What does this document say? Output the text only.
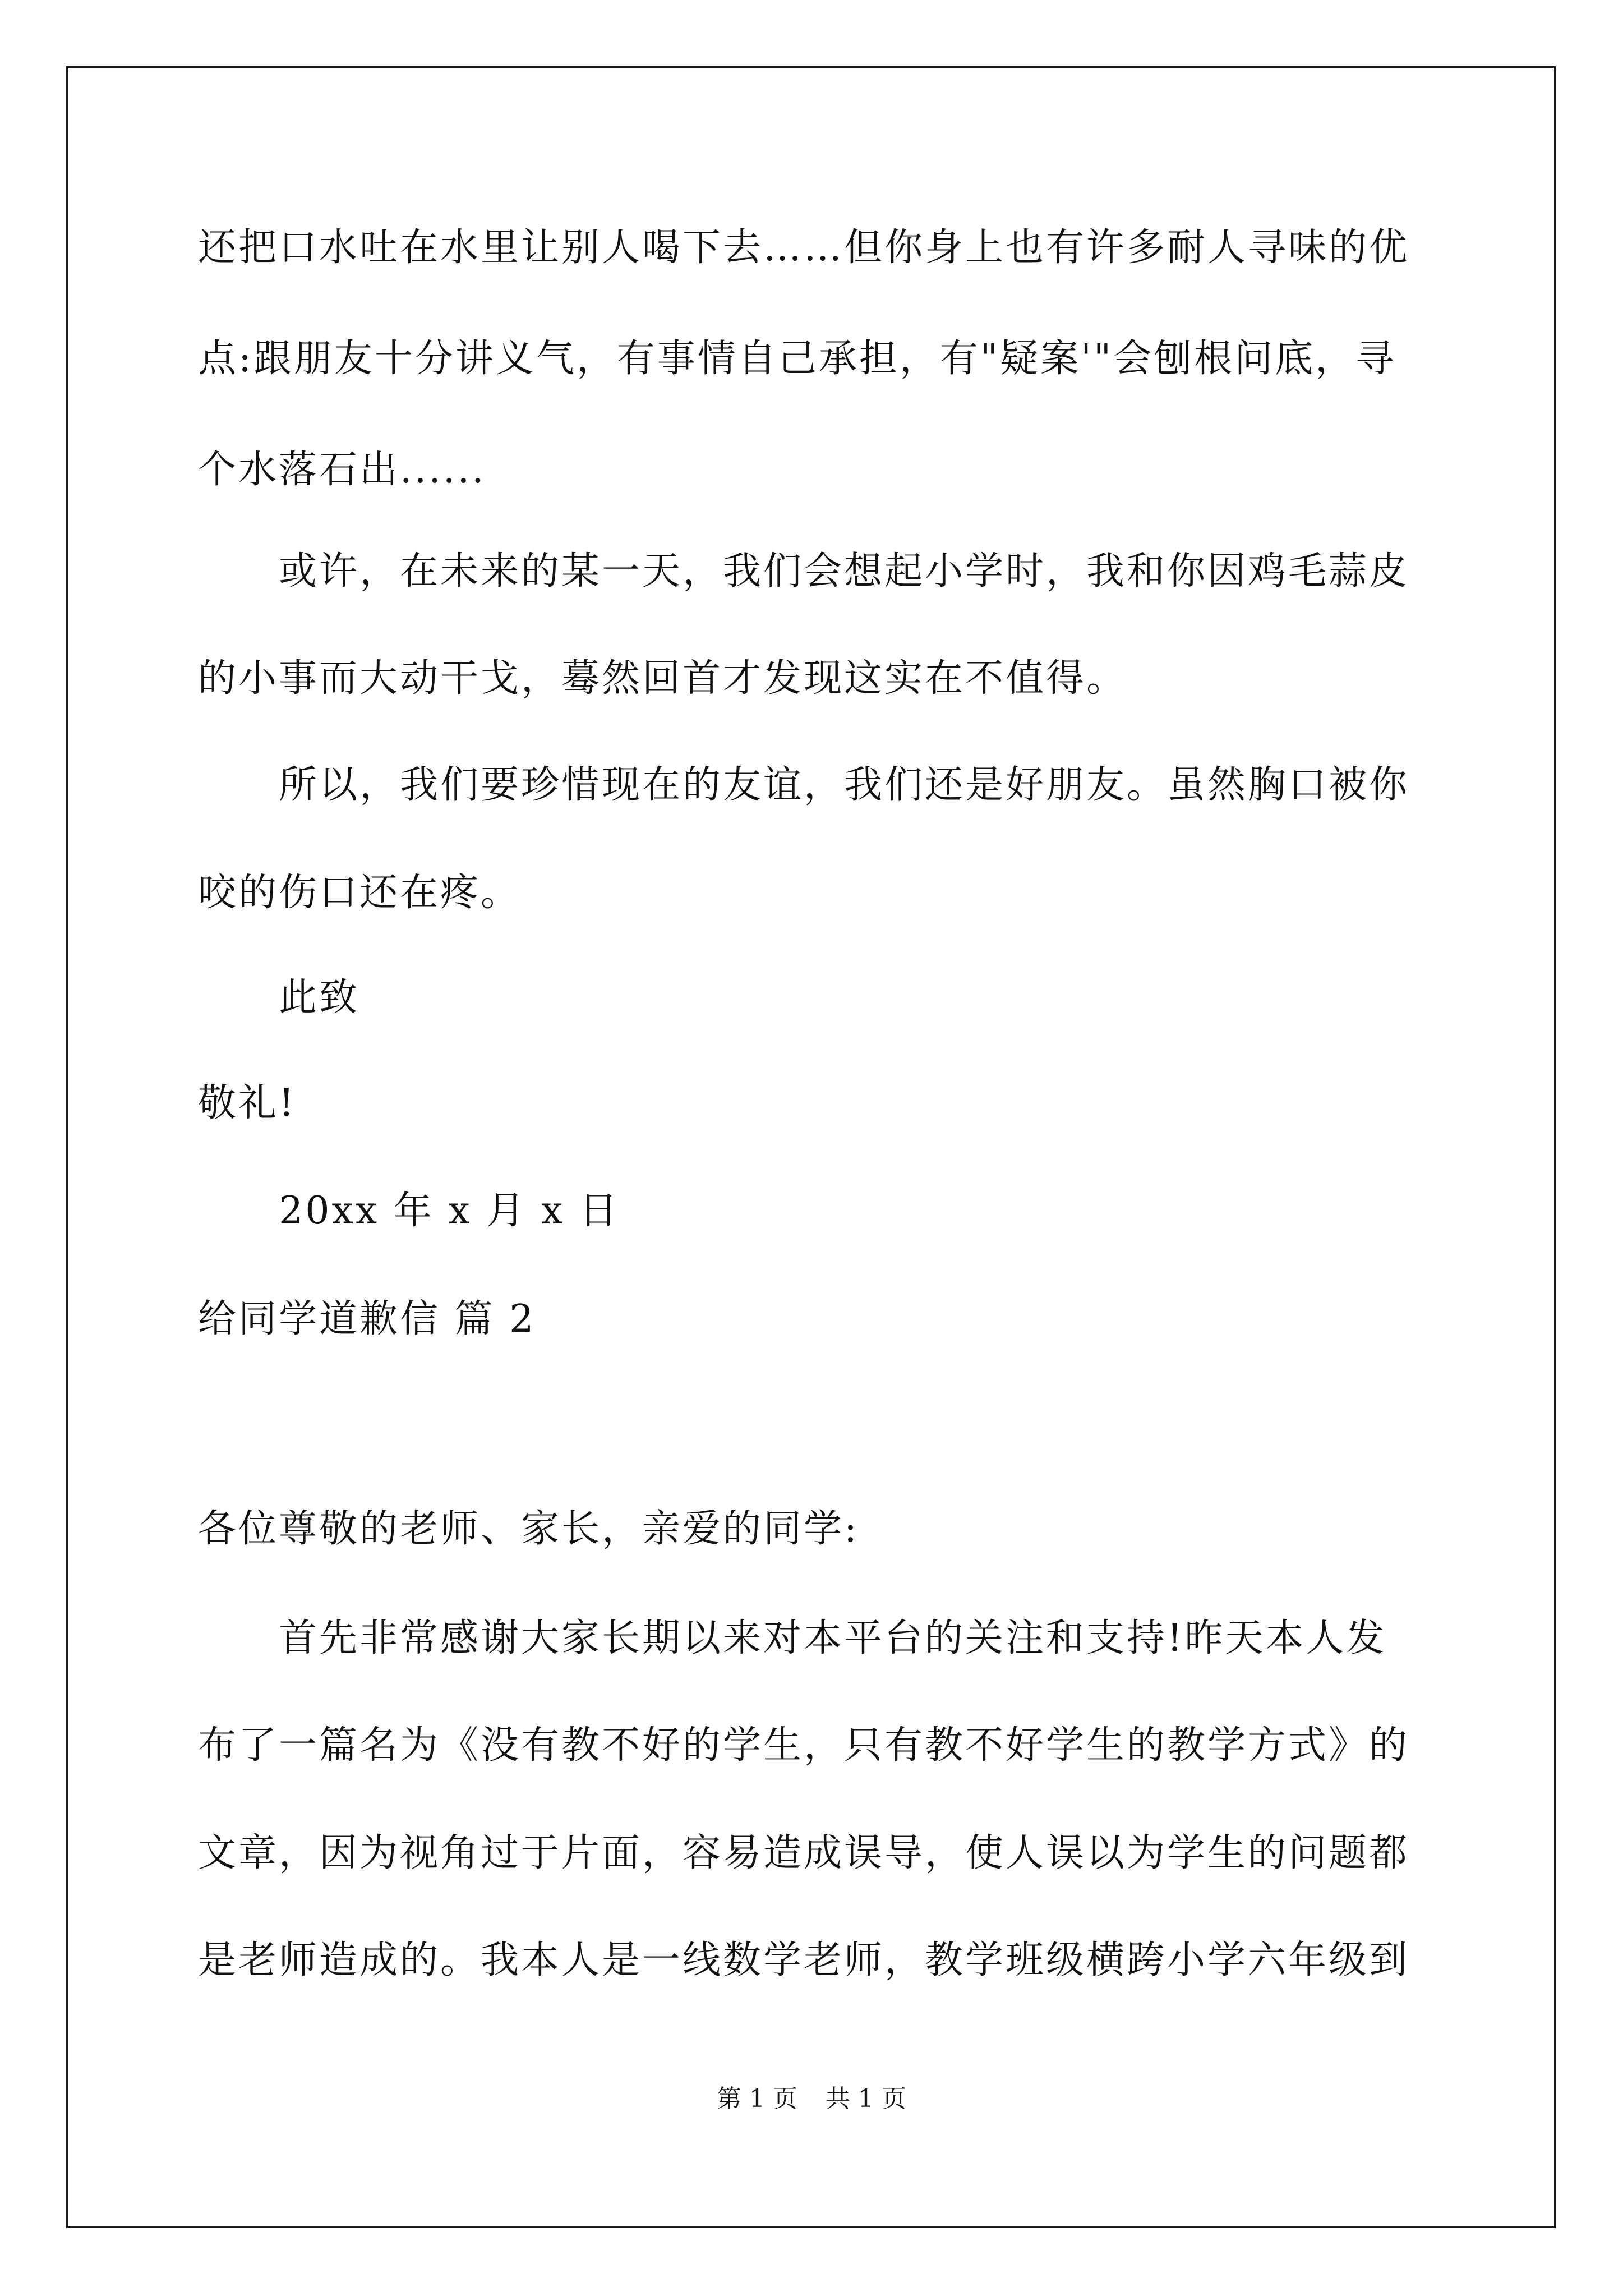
还把口水吐在水里让别人喝下去……但你身上也有许多耐人寻味的优
点:跟朋友十分讲义气，有事情自己承担，有"疑案'"会刨根问底，寻
个水落石出......
或许，在未来的某一天，我们会想起小学时，我和你因鸡毛蒜皮
的小事而大动干戈，蓦然回首才发现这实在不值得。
所以，我们要珍惜现在的友谊，我们还是好朋友。虽然胸口被你
咬的伤口还在疼。
此致
敬礼!
20xx 年 x 月 x 日
给同学道歉信 篇 2
各位尊敬的老师、家长，亲爱的同学:
首先非常感谢大家长期以来对本平台的关注和支持!昨天本人发
布了一篇名为《没有教不好的学生，只有教不好学生的教学方式》的
文章，因为视角过于片面，容易造成误导，使人误以为学生的问题都
是老师造成的。我本人是一线数学老师，教学班级横跨小学六年级到
第 1 页 共 1 页
